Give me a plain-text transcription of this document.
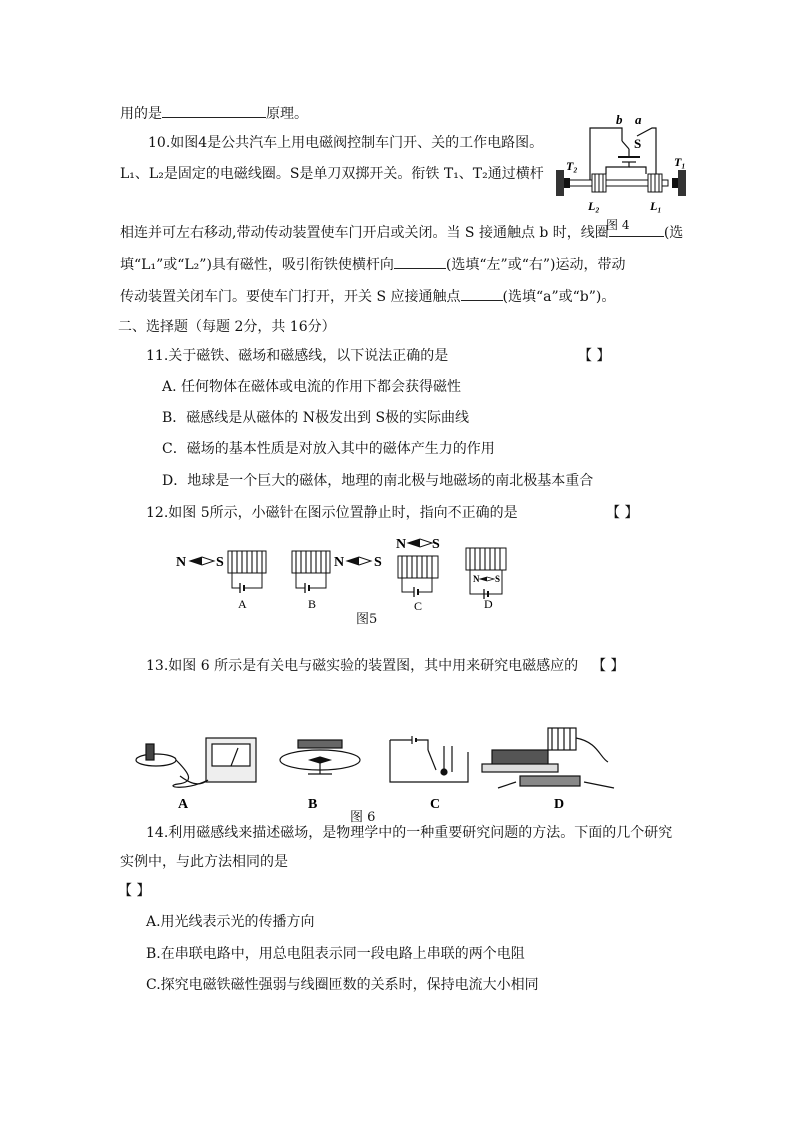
用的是	原理。
10.如图4是公共汽车上用电磁阀控制车门开、关的工作电路图。
L₁、L₂是固定的电磁线圈。S是单刀双掷开关。衔铁 T₁、T₂通过横杆
b a
S
T₂	T₁
L₂	L₁
相连并可左右移动,带动传动装置使车门开启或关闭。当 S 接通触点 b 时，线圈	(选
图 4
填“L₁”或“L₂”)具有磁性，吸引衔铁使横杆向	(选填“左”或“右”)运动，带动
传动装置关闭车门。要使车门打开，开关 S 应接通触点	(选填“a”或“b”)。
二、选择题（每题 2分，共 16分）
11.关于磁铁、磁场和磁感线，以下说法正确的是	【 】
A. 任何物体在磁体或电流的作用下都会获得磁性
B．磁感线是从磁体的 N极发出到 S极的实际曲线
C．磁场的基本性质是对放入其中的磁体产生力的作用
D．地球是一个巨大的磁体，地理的南北极与地磁场的南北极基本重合
12.如图 5所示，小磁针在图示位置静止时，指向不正确的是	【 】
N S
A
N S
B
N S
C
N S
D
图5
13.如图 6 所示是有关电与磁实验的装置图，其中用来研究电磁感应的 【 】
A	B	C	D
图 6
14.利用磁感线来描述磁场，是物理学中的一种重要研究问题的方法。下面的几个研究
实例中，与此方法相同的是
【 】
A.用光线表示光的传播方向
B.在串联电路中，用总电阻表示同一段电路上串联的两个电阻
C.探究电磁铁磁性强弱与线圈匝数的关系时，保持电流大小相同
